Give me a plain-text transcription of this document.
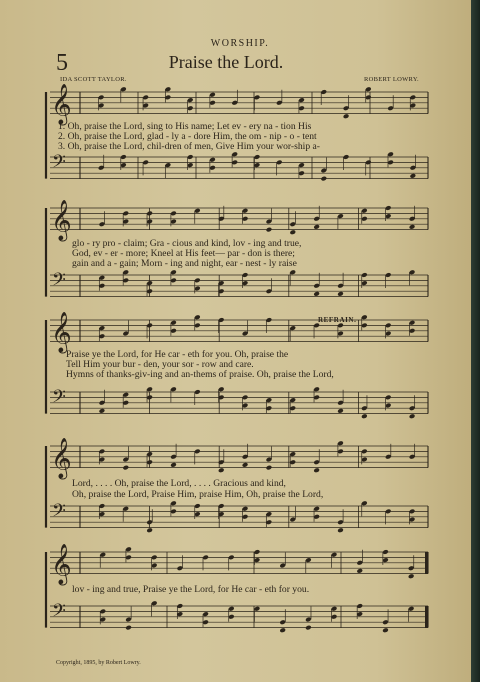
𝄞
𝄢
𝄞
𝄢
𝄞
𝄢
𝄞
𝄢
𝄞
𝄢
WORSHIP.
5	Praise the Lord.
IDA SCOTT TAYLOR.	ROBERT LOWRY.
1. Oh, praise the Lord, sing to His name; Let ev - ery na - tion His
2. Oh, praise the Lord, glad - ly a - dore Him, the om - nip - o - tent
3. Oh, praise the Lord, chil-dren of men, Give Him your wor-ship a-
glo - ry pro - claim; Gra - cious and kind, lov - ing and true,
God, ev - er - more; Kneel at His feet— par - don is there;
gain and a - gain; Morn - ing and night, ear - nest - ly raise
REFRAIN.
Praise ye the Lord, for He car - eth for you. Oh, praise the
Tell Him your bur - den, your sor - row and care.
Hymns of thanks-giv-ing and an-thems of praise. Oh, praise the Lord,
Lord, . . . . Oh, praise the Lord, . . . . Gracious and kind,
Oh, praise the Lord, Praise Him, praise Him, Oh, praise the Lord,
lov - ing and true, Praise ye the Lord, for He car - eth for you.
Copyright, 1895, by Robert Lowry.
